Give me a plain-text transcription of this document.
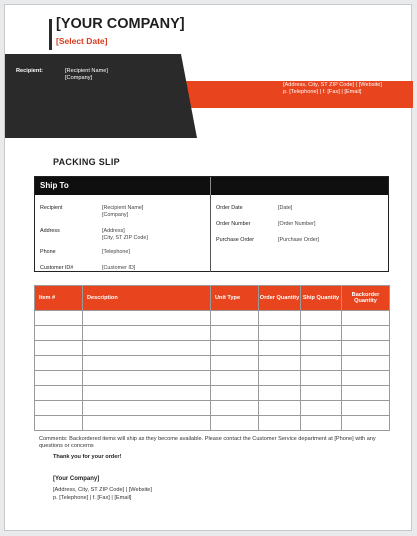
[YOUR COMPANY]
[Select Date]
Recipient:	[Recipient Name]
[Company]
[Address, City, ST ZIP Code] | [Website]
p. [Telephone] | f. [Fax] | [Email]
PACKING SLIP
Ship To
Recipient	[Recipient Name]
[Company]
Address	[Address]
[City, ST ZIP Code]
Phone	[Telephone]
Customer ID#	[Customer ID]
Order Date	[Date]
Order Number	[Order Number]
Purchase Order	[Purchase Order]
Item #	Description	Unit Type	Order Quantity	Ship Quantity	Backorder Quantity

Comments: Backordered items will ship as they become available. Please contact the Customer Service department at [Phone] with any questions or concerns
Thank you for your order!
[Your Company]
[Address, City, ST ZIP Code] | [Website]
p. [Telephone] | f. [Fax] | [Email]
